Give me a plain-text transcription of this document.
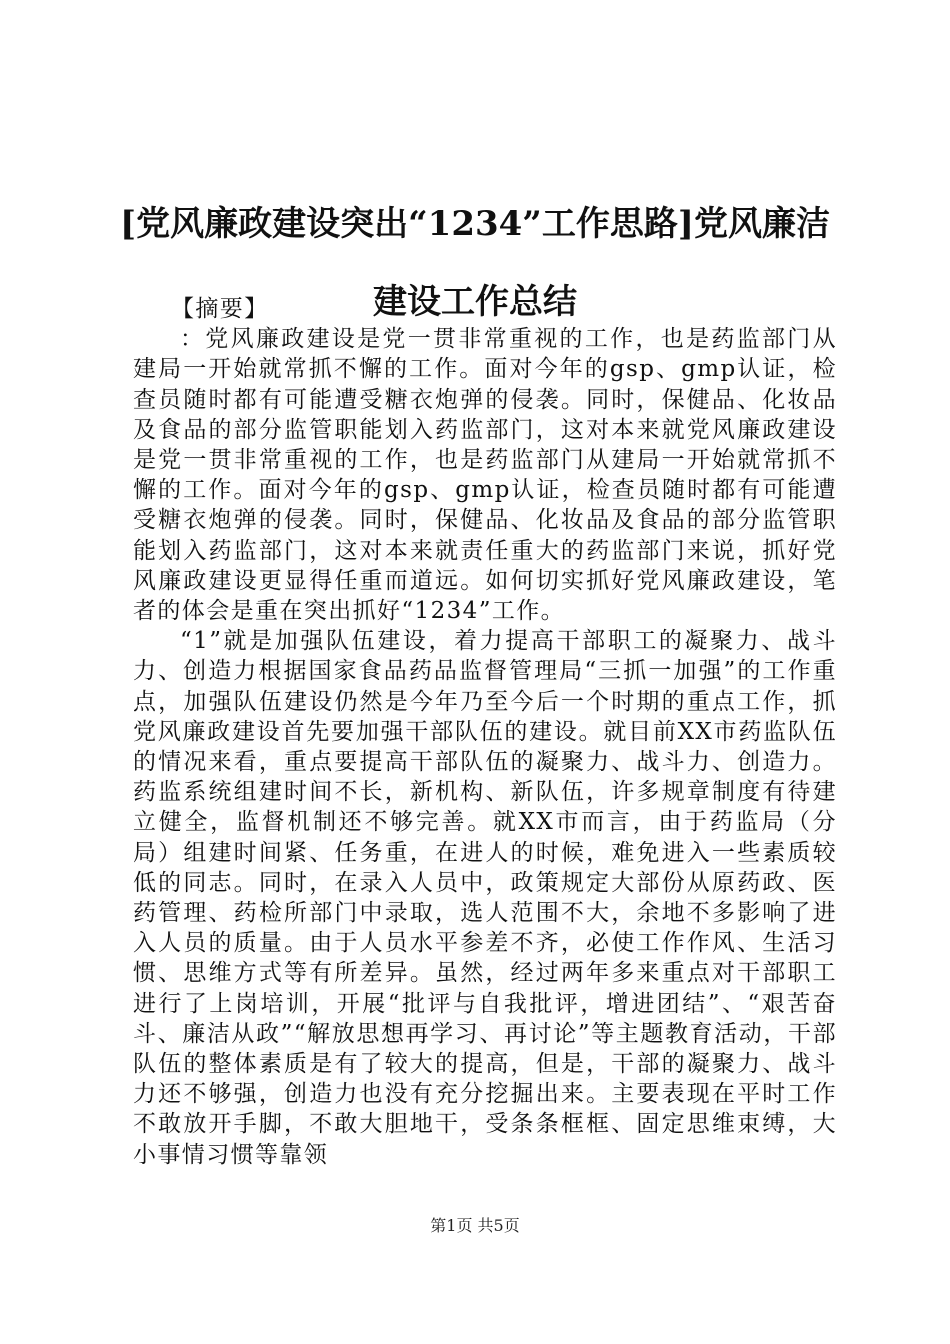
[党风廉政建设突出“1234”工作思路]党风廉洁建设工作总结

【摘要】

：党风廉政建设是党一贯非常重视的工作，也是药监部门从建局一开始就常抓不懈的工作。面对今年的gsp、gmp认证，检查员随时都有可能遭受糖衣炮弹的侵袭。同时，保健品、化妆品及食品的部分监管职能划入药监部门，这对本来就党风廉政建设是党一贯非常重视的工作，也是药监部门从建局一开始就常抓不懈的工作。面对今年的gsp、gmp认证，检查员随时都有可能遭受糖衣炮弹的侵袭。同时，保健品、化妆品及食品的部分监管职能划入药监部门，这对本来就责任重大的药监部门来说，抓好党风廉政建设更显得任重而道远。如何切实抓好党风廉政建设，笔者的体会是重在突出抓好“1234”工作。

“1”就是加强队伍建设，着力提高干部职工的凝聚力、战斗力、创造力根据国家食品药品监督管理局“三抓一加强”的工作重点，加强队伍建设仍然是今年乃至今后一个时期的重点工作，抓党风廉政建设首先要加强干部队伍的建设。就目前XX市药监队伍的情况来看，重点要提高干部队伍的凝聚力、战斗力、创造力。药监系统组建时间不长，新机构、新队伍，许多规章制度有待建立健全，监督机制还不够完善。就XX市而言，由于药监局（分局）组建时间紧、任务重，在进人的时候，难免进入一些素质较低的同志。同时，在录入人员中，政策规定大部份从原药政、医药管理、药检所部门中录取，选人范围不大，余地不多影响了进入人员的质量。由于人员水平参差不齐，必使工作作风、生活习惯、思维方式等有所差异。虽然，经过两年多来重点对干部职工进行了上岗培训，开展“批评与自我批评，增进团结”、“艰苦奋斗、廉洁从政”“解放思想再学习、再讨论”等主题教育活动，干部队伍的整体素质是有了较大的提高，但是，干部的凝聚力、战斗力还不够强，创造力也没有充分挖掘出来。主要表现在平时工作不敢放开手脚，不敢大胆地干，受条条框框、固定思维束缚，大小事情习惯等靠领

第1页 共5页
